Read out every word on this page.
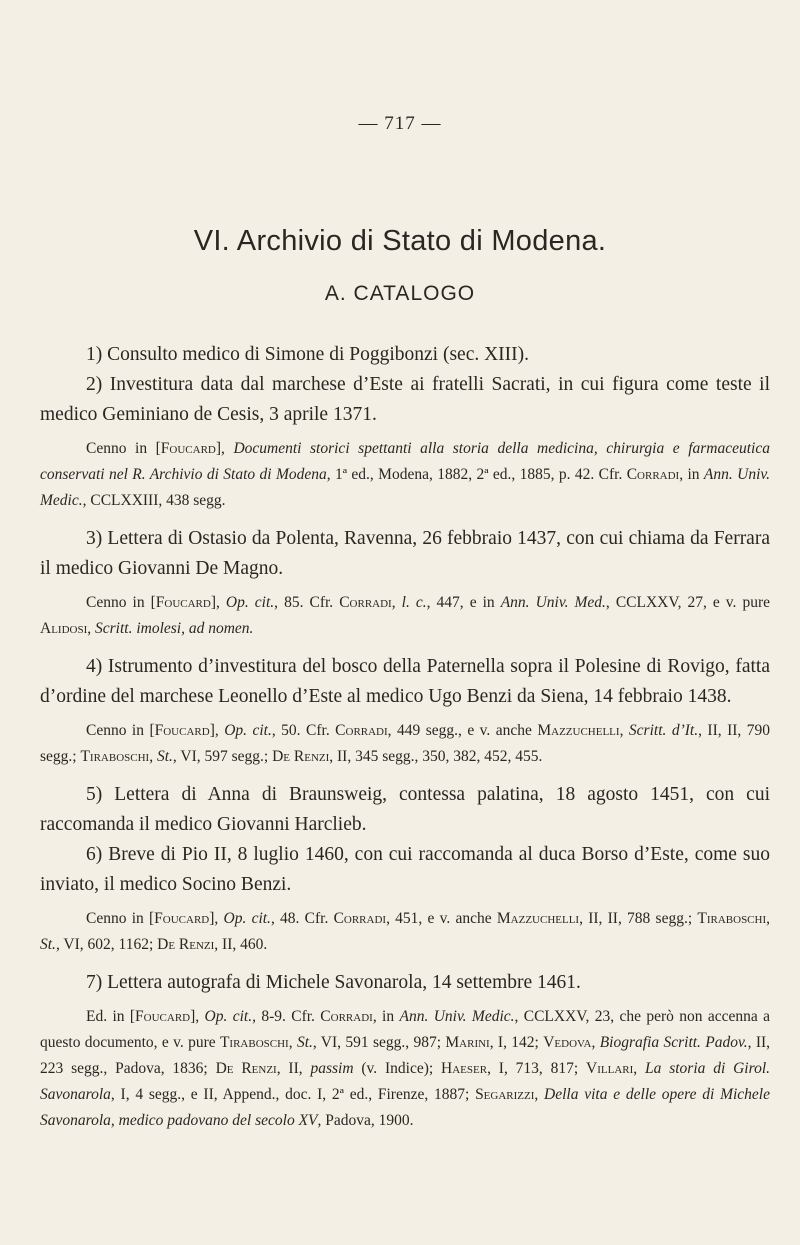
— 717 —
VI. Archivio di Stato di Modena.
A. CATALOGO

1) Consulto medico di Simone di Poggibonzi (sec. XIII).

2) Investitura data dal marchese d’Este ai fratelli Sacrati, in cui figura come teste il medico Geminiano de Cesis, 3 aprile 1371.

Cenno in [Foucard], Documenti storici spettanti alla storia della medicina, chirurgia e farmaceutica conservati nel R. Archivio di Stato di Modena, 1ª ed., Modena, 1882, 2ª ed., 1885, p. 42. Cfr. Corradi, in Ann. Univ. Medic., CCLXXIII, 438 segg.

3) Lettera di Ostasio da Polenta, Ravenna, 26 febbraio 1437, con cui chiama da Ferrara il medico Giovanni De Magno.

Cenno in [Foucard], Op. cit., 85. Cfr. Corradi, l. c., 447, e in Ann. Univ. Med., CCLXXV, 27, e v. pure Alidosi, Scritt. imolesi, ad nomen.

4) Istrumento d’investitura del bosco della Paternella sopra il Polesine di Rovigo, fatta d’ordine del marchese Leonello d’Este al medico Ugo Benzi da Siena, 14 febbraio 1438.

Cenno in [Foucard], Op. cit., 50. Cfr. Corradi, 449 segg., e v. anche Mazzuchelli, Scritt. d’It., II, II, 790 segg.; Tiraboschi, St., VI, 597 segg.; De Renzi, II, 345 segg., 350, 382, 452, 455.

5) Lettera di Anna di Braunsweig, contessa palatina, 18 agosto 1451, con cui raccomanda il medico Giovanni Harclieb.

6) Breve di Pio II, 8 luglio 1460, con cui raccomanda al duca Borso d’Este, come suo inviato, il medico Socino Benzi.

Cenno in [Foucard], Op. cit., 48. Cfr. Corradi, 451, e v. anche Mazzuchelli, II, II, 788 segg.; Tiraboschi, St., VI, 602, 1162; De Renzi, II, 460.

7) Lettera autografa di Michele Savonarola, 14 settembre 1461.

Ed. in [Foucard], Op. cit., 8-9. Cfr. Corradi, in Ann. Univ. Medic., CCLXXV, 23, che però non accenna a questo documento, e v. pure Tiraboschi, St., VI, 591 segg., 987; Marini, I, 142; Vedova, Biografia Scritt. Padov., II, 223 segg., Padova, 1836; De Renzi, II, passim (v. Indice); Haeser, I, 713, 817; Villari, La storia di Girol. Savonarola, I, 4 segg., e II, Append., doc. I, 2ª ed., Firenze, 1887; Segarizzi, Della vita e delle opere di Michele Savonarola, medico padovano del secolo XV, Padova, 1900.
